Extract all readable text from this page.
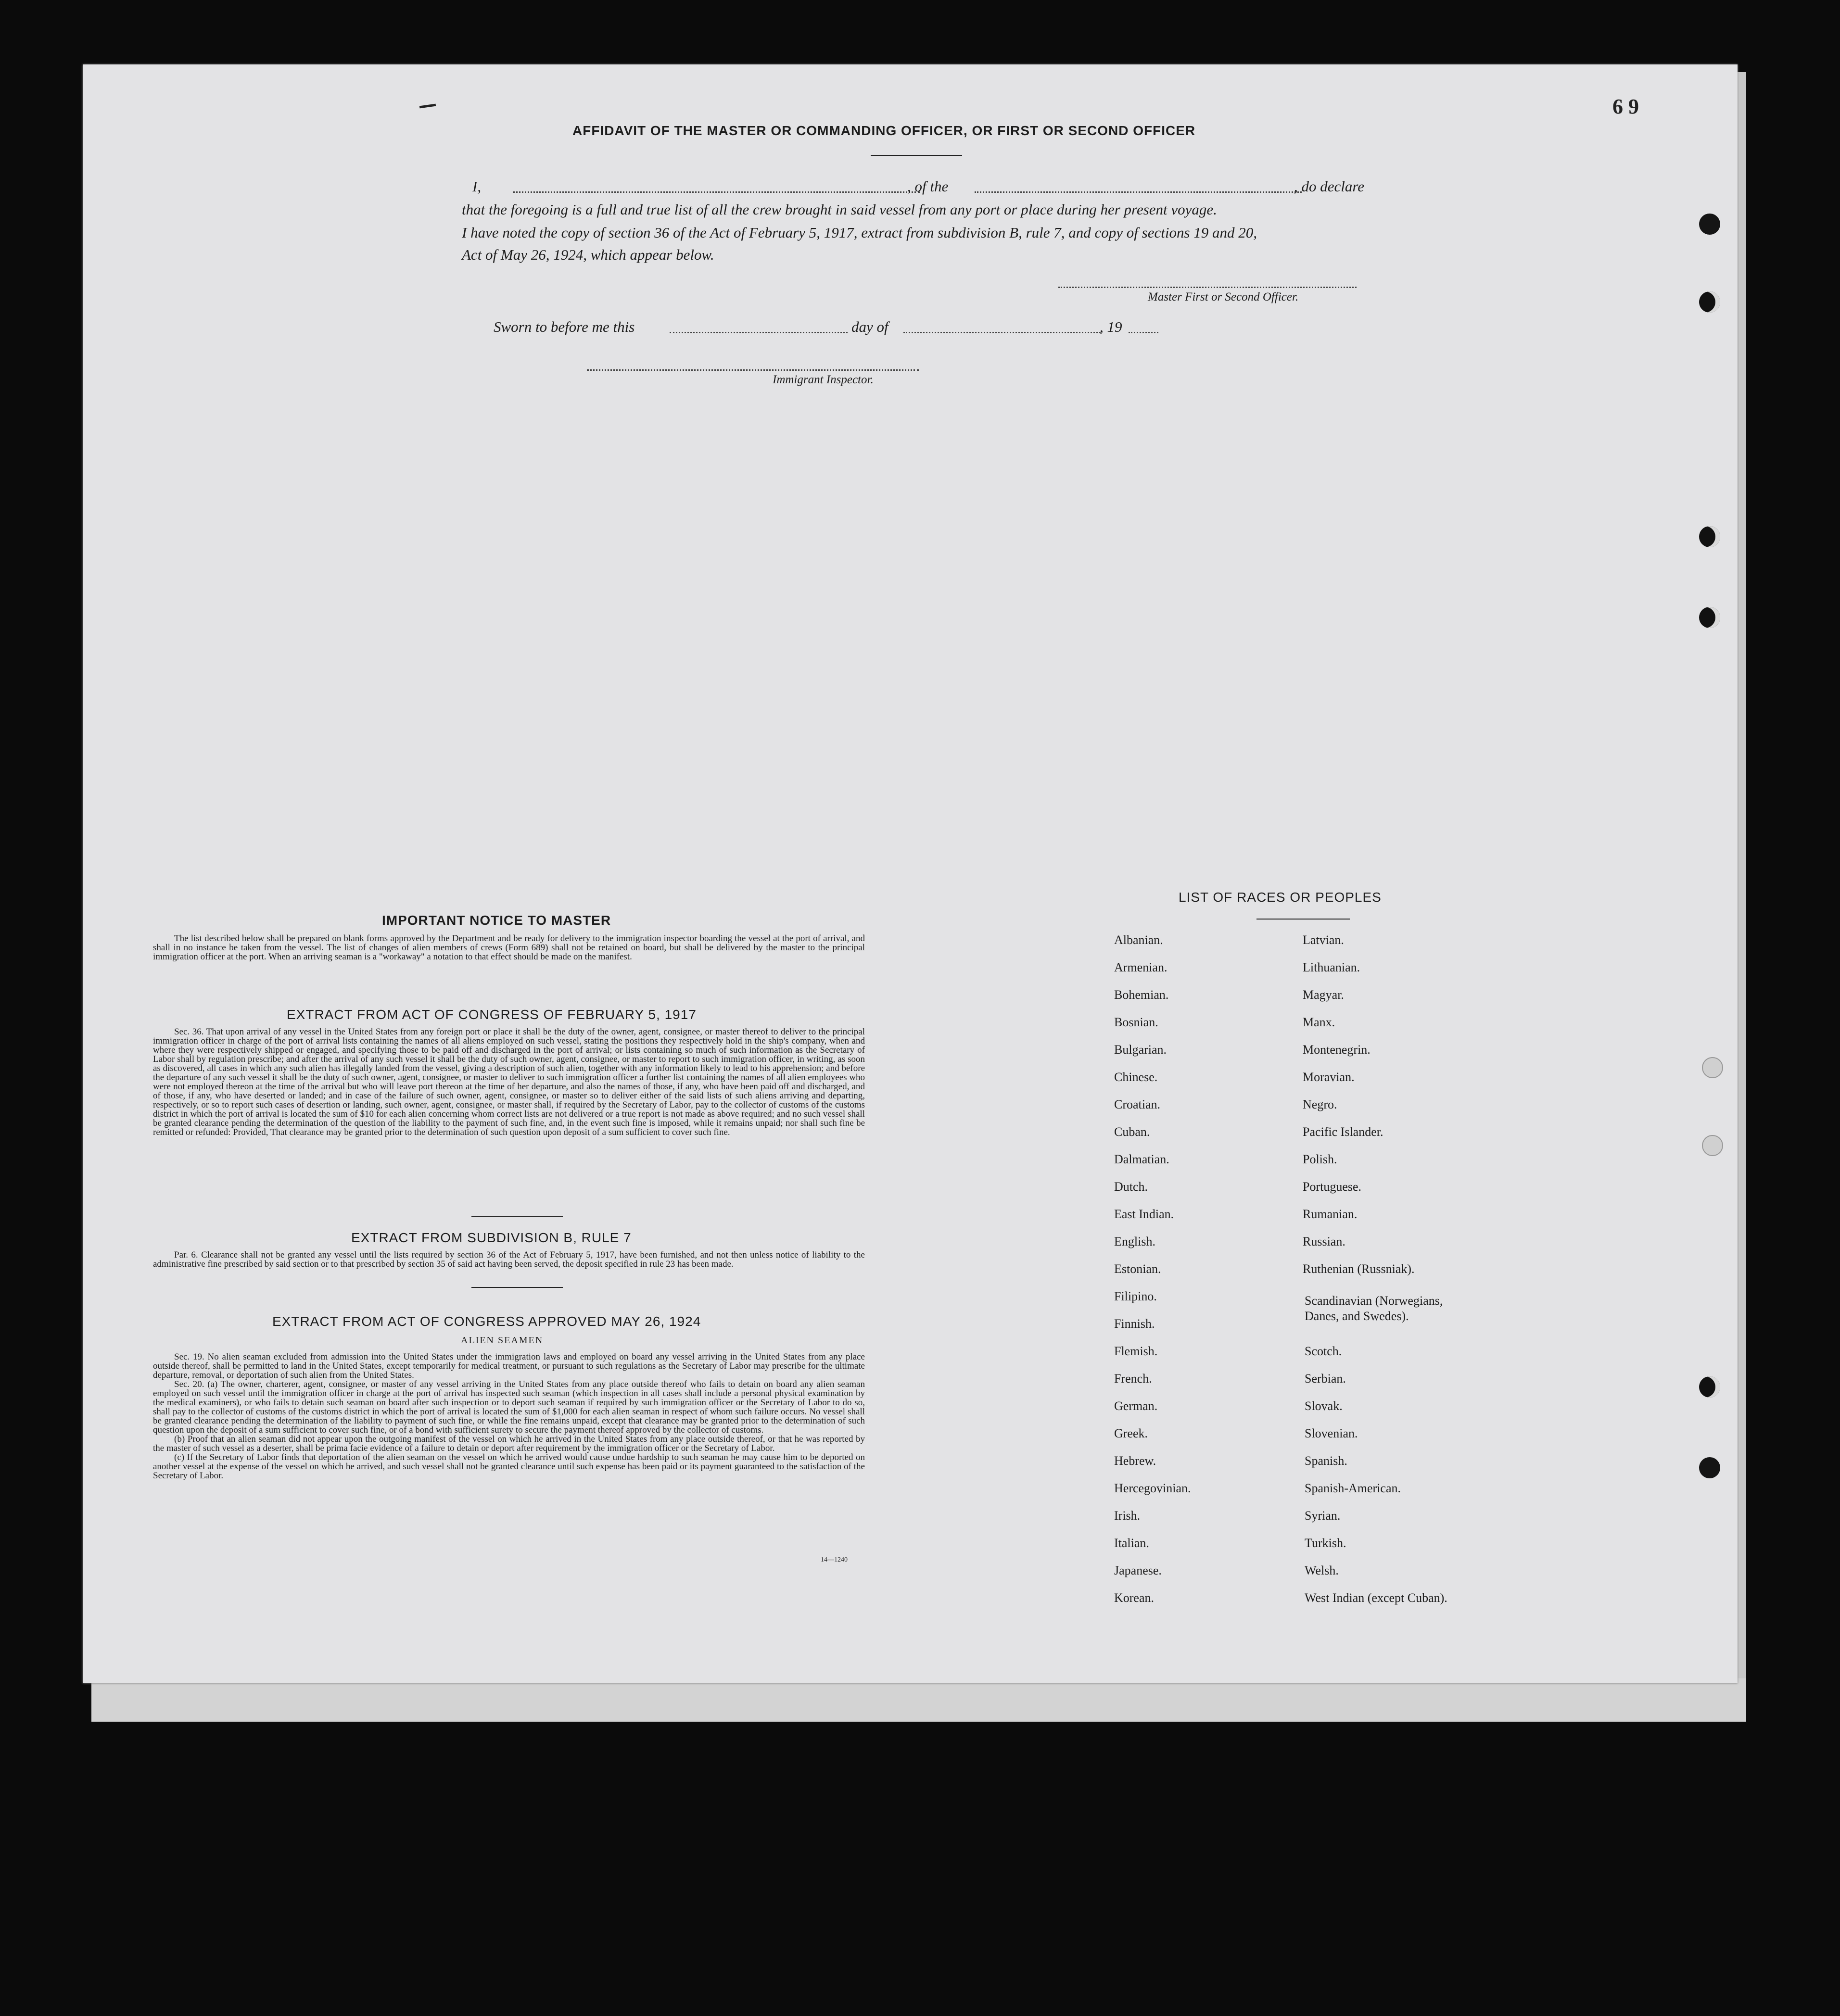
6 9
AFFIDAVIT OF THE MASTER OR COMMANDING OFFICER, OR FIRST OR SECOND OFFICER
I,	, of the	, do declare
that the foregoing is a full and true list of all the crew brought in said vessel from any port or place during her present voyage.
I have noted the copy of section 36 of the Act of February 5, 1917, extract from subdivision B, rule 7, and copy of sections 19 and 20,
Act of May 26, 1924, which appear below.
Master First or Second Officer.
Sworn to before me this	day of	, 19
Immigrant Inspector.
IMPORTANT NOTICE TO MASTER
The list described below shall be prepared on blank forms approved by the Department and be ready for delivery to the immigration inspector boarding the vessel at the port of arrival, and shall in no instance be taken from the vessel. The list of changes of alien members of crews (Form 689) shall not be retained on board, but shall be delivered by the master to the principal immigration officer at the port. When an arriving seaman is a "workaway" a notation to that effect should be made on the manifest.
EXTRACT FROM ACT OF CONGRESS OF FEBRUARY 5, 1917
Sec. 36. That upon arrival of any vessel in the United States from any foreign port or place it shall be the duty of the owner, agent, consignee, or master thereof to deliver to the principal immigration officer in charge of the port of arrival lists containing the names of all aliens employed on such vessel, stating the positions they respectively hold in the ship's company, when and where they were respectively shipped or engaged, and specifying those to be paid off and discharged in the port of arrival; or lists containing so much of such information as the Secretary of Labor shall by regulation prescribe; and after the arrival of any such vessel it shall be the duty of such owner, agent, consignee, or master to report to such immigration officer, in writing, as soon as discovered, all cases in which any such alien has illegally landed from the vessel, giving a description of such alien, together with any information likely to lead to his apprehension; and before the departure of any such vessel it shall be the duty of such owner, agent, consignee, or master to deliver to such immigration officer a further list containing the names of all alien employees who were not employed thereon at the time of the arrival but who will leave port thereon at the time of her departure, and also the names of those, if any, who have been paid off and discharged, and of those, if any, who have deserted or landed; and in case of the failure of such owner, agent, consignee, or master so to deliver either of the said lists of such aliens arriving and departing, respectively, or so to report such cases of desertion or landing, such owner, agent, consignee, or master shall, if required by the Secretary of Labor, pay to the collector of customs of the customs district in which the port of arrival is located the sum of $10 for each alien concerning whom correct lists are not delivered or a true report is not made as above required; and no such vessel shall be granted clearance pending the determination of the question of the liability to the payment of such fine, and, in the event such fine is imposed, while it remains unpaid; nor shall such fine be remitted or refunded: Provided, That clearance may be granted prior to the determination of such question upon deposit of a sum sufficient to cover such fine.
EXTRACT FROM SUBDIVISION B, RULE 7
Par. 6. Clearance shall not be granted any vessel until the lists required by section 36 of the Act of February 5, 1917, have been furnished, and not then unless notice of liability to the administrative fine prescribed by said section or to that prescribed by section 35 of said act having been served, the deposit specified in rule 23 has been made.
EXTRACT FROM ACT OF CONGRESS APPROVED MAY 26, 1924
ALIEN SEAMEN

Sec. 19. No alien seaman excluded from admission into the United States under the immigration laws and employed on board any vessel arriving in the United States from any place outside thereof, shall be permitted to land in the United States, except temporarily for medical treatment, or pursuant to such regulations as the Secretary of Labor may prescribe for the ultimate departure, removal, or deportation of such alien from the United States.

Sec. 20. (a) The owner, charterer, agent, consignee, or master of any vessel arriving in the United States from any place outside thereof who fails to detain on board any alien seaman employed on such vessel until the immigration officer in charge at the port of arrival has inspected such seaman (which inspection in all cases shall include a personal physical examination by the medical examiners), or who fails to detain such seaman on board after such inspection or to deport such seaman if required by such immigration officer or the Secretary of Labor to do so, shall pay to the collector of customs of the customs district in which the port of arrival is located the sum of $1,000 for each alien seaman in respect of whom such failure occurs. No vessel shall be granted clearance pending the determination of the liability to payment of such fine, or while the fine remains unpaid, except that clearance may be granted prior to the determination of such question upon the deposit of a sum sufficient to cover such fine, or of a bond with sufficient surety to secure the payment thereof approved by the collector of customs.

(b) Proof that an alien seaman did not appear upon the outgoing manifest of the vessel on which he arrived in the United States from any place outside thereof, or that he was reported by the master of such vessel as a deserter, shall be prima facie evidence of a failure to detain or deport after requirement by the immigration officer or the Secretary of Labor.

(c) If the Secretary of Labor finds that deportation of the alien seaman on the vessel on which he arrived would cause undue hardship to such seaman he may cause him to be deported on another vessel at the expense of the vessel on which he arrived, and such vessel shall not be granted clearance until such expense has been paid or its payment guaranteed to the satisfaction of the Secretary of Labor.

14—1240
LIST OF RACES OR PEOPLES
Albanian.
Armenian.
Bohemian.
Bosnian.
Bulgarian.
Chinese.
Croatian.
Cuban.
Dalmatian.
Dutch.
East Indian.
English.
Estonian.
Filipino.
Finnish.
Flemish.
French.
German.
Greek.
Hebrew.
Hercegovinian.
Irish.
Italian.
Japanese.
Korean.
Latvian.
Lithuanian.
Magyar.
Manx.
Montenegrin.
Moravian.
Negro.
Pacific Islander.
Polish.
Portuguese.
Rumanian.
Russian.
Ruthenian (Russniak).
Scandinavian (Norwegians,
Danes, and Swedes).
Scotch.
Serbian.
Slovak.
Slovenian.
Spanish.
Spanish-American.
Syrian.
Turkish.
Welsh.
West Indian (except Cuban).
